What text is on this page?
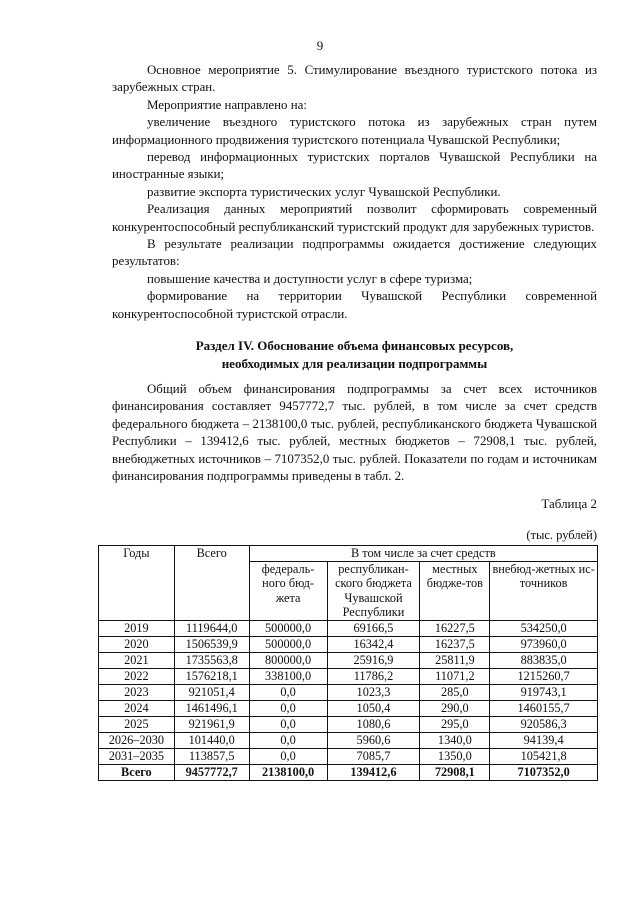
9

Основное мероприятие 5. Стимулирование въездного туристского потока из зарубежных стран.

Мероприятие направлено на:

увеличение въездного туристского потока из зарубежных стран путем информационного продвижения туристского потенциала Чувашской Республики;

перевод информационных туристских порталов Чувашской Республики на иностранные языки;

развитие экспорта туристических услуг Чувашской Республики.

Реализация данных мероприятий позволит сформировать современный конкурентоспособный республиканский туристский продукт для зарубежных туристов.

В результате реализации подпрограммы ожидается достижение следующих результатов:

повышение качества и доступности услуг в сфере туризма;

формирование на территории Чувашской Республики современной конкурентоспособной туристской отрасли.

Раздел IV. Обоснование объема финансовых ресурсов,
необходимых для реализации подпрограммы

Общий объем финансирования подпрограммы за счет всех источников финансирования составляет 9457772,7 тыс. рублей, в том числе за счет средств федерального бюджета – 2138100,0 тыс. рублей, республиканского бюджета Чувашской Республики – 139412,6 тыс. рублей, местных бюджетов – 72908,1 тыс. рублей, внебюджетных источников – 7107352,0 тыс. рублей. Показатели по годам и источникам финансирования подпрограммы приведены в табл. 2.

Таблица 2
(тыс. рублей)
Годы	Всего	В том числе за счет средств			
		федераль-ного бюд-жета	республикан-ского бюджета Чувашской Республики	местных бюдже-тов	внебюд-жетных ис-точников
2019	1119644,0	500000,0	69166,5	16227,5	534250,0
2020	1506539,9	500000,0	16342,4	16237,5	973960,0
2021	1735563,8	800000,0	25916,9	25811,9	883835,0
2022	1576218,1	338100,0	11786,2	11071,2	1215260,7
2023	921051,4	0,0	1023,3	285,0	919743,1
2024	1461496,1	0,0	1050,4	290,0	1460155,7
2025	921961,9	0,0	1080,6	295,0	920586,3
2026–2030	101440,0	0,0	5960,6	1340,0	94139,4
2031–2035	113857,5	0,0	7085,7	1350,0	105421,8
Всего	9457772,7	2138100,0	139412,6	72908,1	7107352,0
